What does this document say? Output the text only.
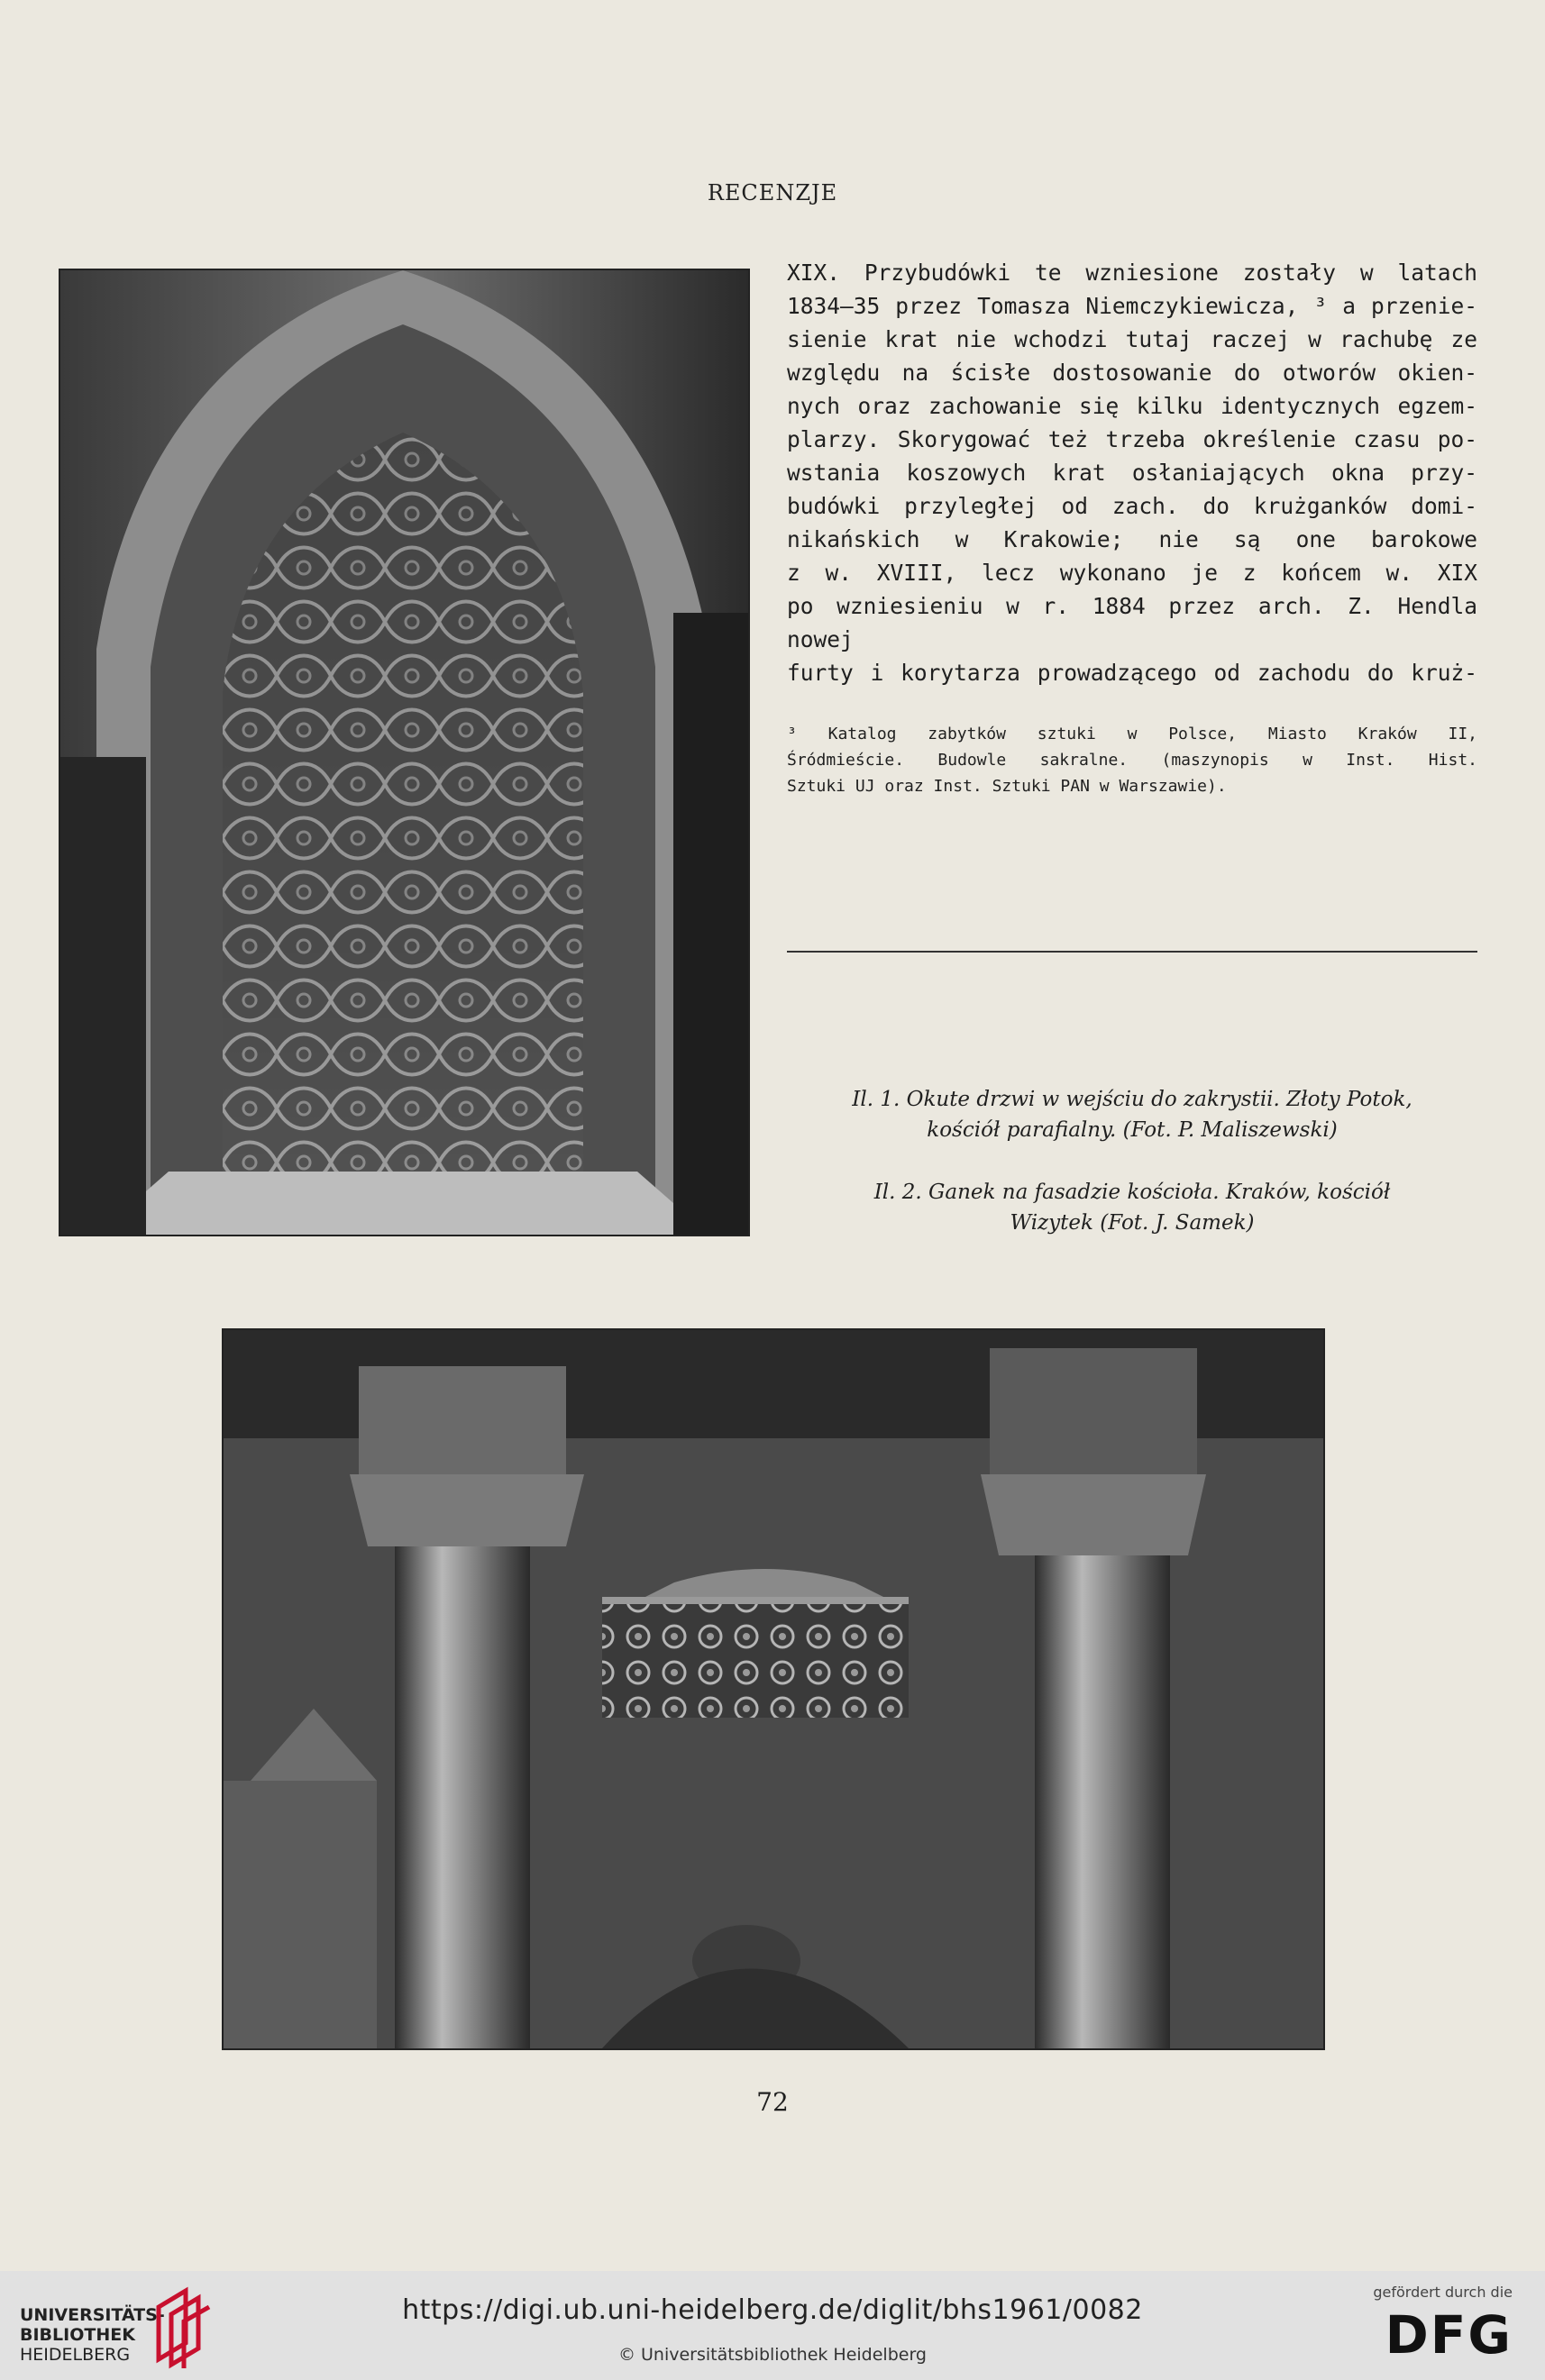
RECENZJE
XIX. Przybudówki te wzniesione zostały w latach
1834—35 przez Tomasza Niemczykiewicza, ³ a przenie-
sienie krat nie wchodzi tutaj raczej w rachubę ze
względu na ścisłe dostosowanie do otworów okien-
nych oraz zachowanie się kilku identycznych egzem-
plarzy. Skorygować też trzeba określenie czasu po-
wstania koszowych krat osłaniających okna przy-
budówki przyległej od zach. do krużganków domi-
nikańskich w Krakowie; nie są one barokowe
z w. XVIII, lecz wykonano je z końcem w. XIX
po wzniesieniu w r. 1884 przez arch. Z. Hendla nowej
furty i korytarza prowadzącego od zachodu do kruż-
³ Katalog zabytków sztuki w Polsce, Miasto Kraków II,
Śródmieście. Budowle sakralne. (maszynopis w Inst. Hist.
Sztuki UJ oraz Inst. Sztuki PAN w Warszawie).
Il. 1. Okute drzwi w wejściu do zakrystii. Złoty Potok,
kościół parafialny. (Fot. P. Maliszewski)
Il. 2. Ganek na fasadzie kościoła. Kraków, kościół
Wizytek (Fot. J. Samek)
72
UNIVERSITÄTS-
BIBLIOTHEK
HEIDELBERG
https://digi.ub.uni-heidelberg.de/diglit/bhs1961/0082
© Universitätsbibliothek Heidelberg
gefördert durch die
DFG
